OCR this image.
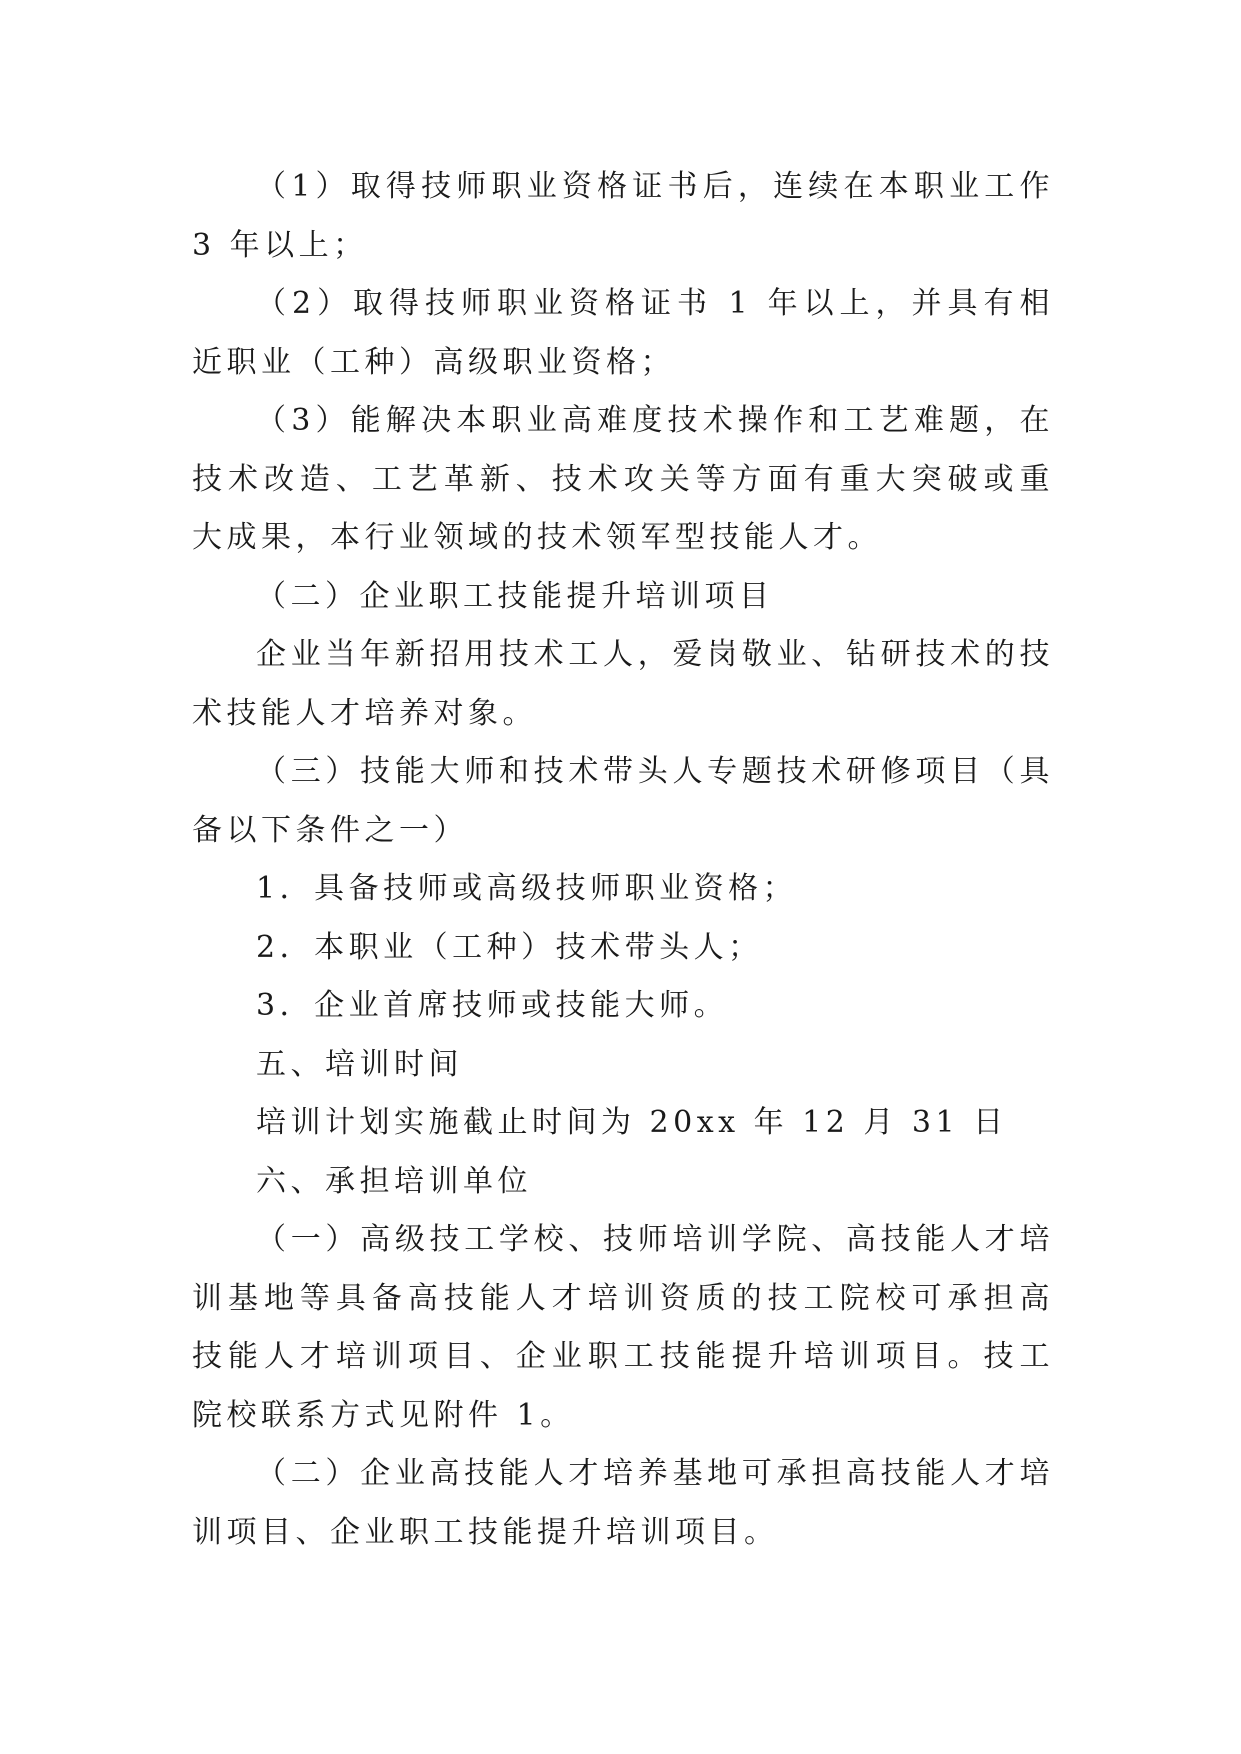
（1）取得技师职业资格证书后，连续在本职业工作 3 年以上；

（2）取得技师职业资格证书 1 年以上，并具有相近职业（工种）高级职业资格；

（3）能解决本职业高难度技术操作和工艺难题，在技术改造、工艺革新、技术攻关等方面有重大突破或重大成果，本行业领域的技术领军型技能人才。

（二）企业职工技能提升培训项目

企业当年新招用技术工人，爱岗敬业、钻研技术的技术技能人才培养对象。

（三）技能大师和技术带头人专题技术研修项目（具备以下条件之一）

1．具备技师或高级技师职业资格；

2．本职业（工种）技术带头人；

3．企业首席技师或技能大师。

五、培训时间

培训计划实施截止时间为 20xx 年 12 月 31 日

六、承担培训单位

（一）高级技工学校、技师培训学院、高技能人才培训基地等具备高技能人才培训资质的技工院校可承担高技能人才培训项目、企业职工技能提升培训项目。技工院校联系方式见附件 1。

（二）企业高技能人才培养基地可承担高技能人才培训项目、企业职工技能提升培训项目。
